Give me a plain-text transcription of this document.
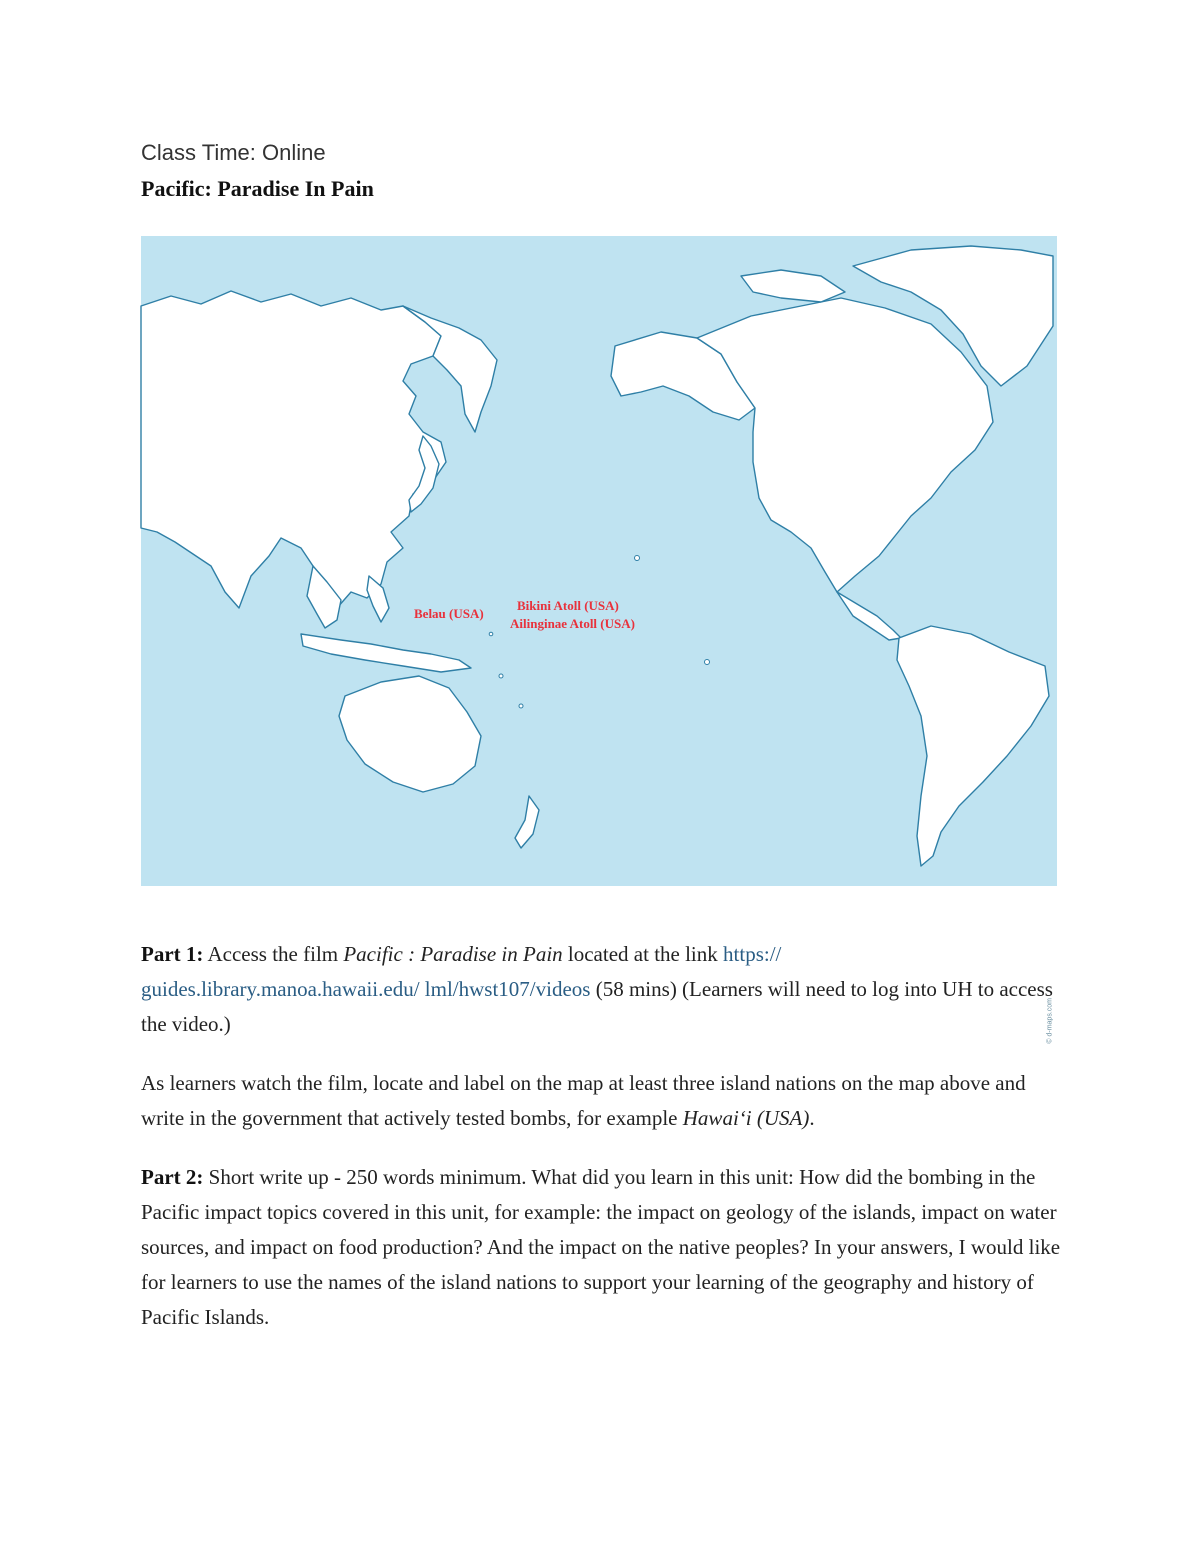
Class Time: Online
Pacific: Paradise In Pain
Belau (USA)
Bikini Atoll (USA)
Ailinginae Atoll (USA)
© d-maps.com
Part 1: Access the film Pacific : Paradise in Pain located at the link https:// guides.library.manoa.hawaii.edu/ lml/hwst107/videos (58 mins) (Learners will need to log into UH to access the video.)
As learners watch the film, locate and label on the map at least three island nations on the map above and write in the government that actively tested bombs, for example Hawai‘i (USA).
Part 2: Short write up - 250 words minimum. What did you learn in this unit: How did the bombing in the Pacific impact topics covered in this unit, for example: the impact on geology of the islands, impact on water sources, and impact on food production? And the impact on the native peoples? In your answers, I would like for learners to use the names of the island nations to support your learning of the geography and history of Pacific Islands.
